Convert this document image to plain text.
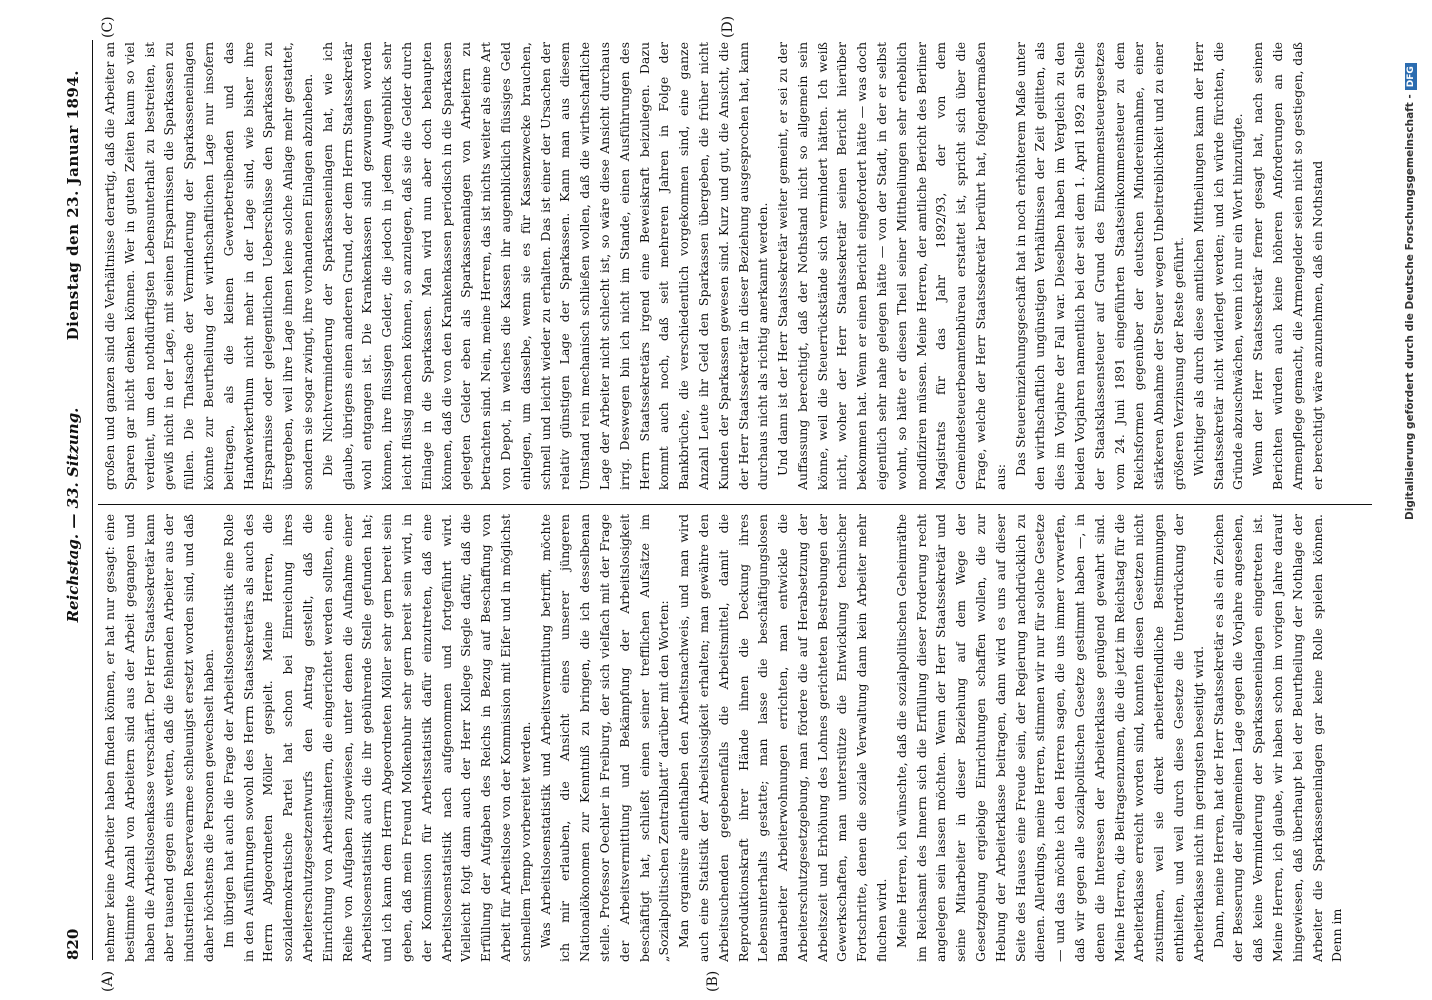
820
Reichstag. — 33. Sitzung.
Dienstag den 23. Januar 1894.
(A)	(B)
(C)	(D)

nehmer keine Arbeiter haben finden können, er hat nur gesagt: eine bestimmte Anzahl von Arbeitern sind aus der Arbeit gegangen und haben die Arbeitslosenkasse verschärft. Der Herr Staatssekretär kann aber tausend gegen eins wetten, daß die fehlenden Arbeiter aus der industriellen Reservearmee schleunigst ersetzt worden sind, und daß daher höchstens die Personen gewechselt haben. Im übrigen hat auch die Frage der Arbeitslosenstatistik eine Rolle in den Ausführungen sowohl des Herrn Staatssekretärs als auch des Herrn Abgeordneten Möller gespielt. Meine Herren, die sozialdemokratische Partei hat schon bei Einreichung ihres Arbeiterschutzgesetzentwurfs den Antrag gestellt, daß die Einrichtung von Arbeitsämtern, die eingerichtet werden sollten, eine Reihe von Aufgaben zugewiesen, unter denen die Aufnahme einer Arbeitslosenstatistik auch die ihr gebührende Stelle gefunden hat; und ich kann dem Herrn Abgeordneten Möller sehr gern bereit sein geben, daß mein Freund Molkenbuhr sehr gern bereit sein wird, in der Kommission für Arbeitsstatistik dafür einzutreten, daß eine Arbeitslosenstatistik nach aufgenommen und fortgeführt wird. Vielleicht folgt dann auch der Herr Kollege Siegle dafür, daß die Erfüllung der Aufgaben des Reichs in Bezug auf Beschaffung von Arbeit für Arbeitslose von der Kommission mit Eifer und in möglichst schnellem Tempo vorbereitet werden. Was Arbeitslosenstatistik und Arbeitsvermittlung betrifft, möchte ich mir erlauben, die Ansicht eines unserer jüngeren Nationalökonomen zur Kenntniß zu bringen, die ich desselbenan stelle. Professor Oechler in Freiburg, der sich vielfach mit der Frage der Arbeitsvermittlung und Bekämpfung der Arbeitslosigkeit beschäftigt hat, schließt einen seiner trefflichen Aufsätze im „Sozialpolitischen Zentralblatt“ darüber mit den Worten: Man organisire allenthalben den Arbeitsnachweis, und man wird auch eine Statistik der Arbeitslosigkeit erhalten; man gewähre den Arbeitsuchenden gegebenenfalls die Arbeitsmittel, damit die Reproduktionskraft ihrer Hände ihnen die Deckung ihres Lebensunterhalts gestatte; man lasse die beschäftigungslosen Bauarbeiter Arbeiterwohnungen errichten, man entwickle die Arbeiterschutzgesetzgebung, man fördere die auf Herabsetzung der Arbeitszeit und Erhöhung des Lohnes gerichteten Bestrebungen der Gewerkschaften, man unterstütze die Entwicklung technischer Fortschritte, denen die soziale Verwaltung dann kein Arbeiter mehr fluchen wird. Meine Herren, ich wünschte, daß die sozialpolitischen Geheimräthe im Reichsamt des Innern sich die Erfüllung dieser Forderung recht angelegen sein lassen möchten. Wenn der Herr Staatssekretär und seine Mitarbeiter in dieser Beziehung auf dem Wege der Gesetzgebung ergiebige Einrichtungen schaffen wollen, die zur Hebung der Arbeiterklasse beitragen, dann wird es uns auf dieser Seite des Hauses eine Freude sein, der Regierung nachdrücklich zu dienen. Allerdings, meine Herren, stimmen wir nur für solche Gesetze — und das möchte ich den Herren sagen, die uns immer vorwerfen, daß wir gegen alle sozialpolitischen Gesetze gestimmt haben —, in denen die Interessen der Arbeiterklasse genügend gewahrt sind. Meine Herren, die Beitragsenzumen, die die jetzt im Reichstag für die Arbeiterklasse erreicht worden sind, konnten diesen Gesetzen nicht zustimmen, weil sie direkt arbeiterfeindliche Bestimmungen enthielten, und weil durch diese Gesetze die Unterdrückung der Arbeiterklasse nicht im geringsten beseitigt wird. Dann, meine Herren, hat der Herr Staatssekretär es als ein Zeichen der Besserung der allgemeinen Lage gegen die Vorjahre angesehen, daß keine Verminderung der Sparkasseneinlagen eingetreten ist. Meine Herren, ich glaube, wir haben schon im vorigen Jahre darauf hingewiesen, daß überhaupt bei der Beurtheilung der Nothlage der Arbeiter die Sparkasseneinlagen gar keine Rolle spielen können. Denn im

großen und ganzen sind die Verhältnisse derartig, daß die Arbeiter an Sparen gar nicht denken können. Wer in guten Zeiten kaum so viel verdient, um den nothdürftigsten Lebensunterhalt zu bestreiten, ist gewiß nicht in der Lage, mit seinen Ersparnissen die Sparkassen zu füllen. Die Thatsache der Verminderung der Sparkasseneinlagen könnte zur Beurtheilung der wirthschaftlichen Lage nur insofern beitragen, als die kleinen Gewerbetreibenden und das Handwerkerthum nicht mehr in der Lage sind, wie bisher ihre Ersparnisse oder gelegentlichen Ueberschüsse den Sparkassen zu übergeben, weil ihre Lage ihnen keine solche Anlage mehr gestattet, sondern sie sogar zwingt, ihre vorhandenen Einlagen abzuheben. Die Nichtverminderung der Sparkasseneinlagen hat, wie ich glaube, übrigens einen anderen Grund, der dem Herrn Staatssekretär wohl entgangen ist. Die Krankenkassen sind gezwungen worden können, ihre flüssigen Gelder, die jedoch in jedem Augenblick sehr leicht flüssig machen können, so anzulegen, daß sie die Gelder durch Einlage in die Sparkassen. Man wird nun aber doch behaupten können, daß die von den Krankenkassen periodisch in die Sparkassen gelegten Gelder eben als Sparkassenanlagen von Arbeitern zu betrachten sind. Nein, meine Herren, das ist nichts weiter als eine Art von Depot, in welches die Kassen ihr augenblicklich flüssiges Geld einlegen, um dasselbe, wenn sie es für Kassenzwecke brauchen, schnell und leicht wieder zu erhalten. Das ist einer der Ursachen der relativ günstigen Lage der Sparkassen. Kann man aus diesem Umstand rein mechanisch schließen wollen, daß die wirthschaftliche Lage der Arbeiter nicht schlecht ist, so wäre diese Ansicht durchaus irrig. Deswegen bin ich nicht im Stande, einen Ausführungen des Herrn Staatssekretärs irgend eine Beweiskraft beizulegen. Dazu kommt auch noch, daß seit mehreren Jahren in Folge der Bankbrüche, die verschiedentlich vorgekommen sind, eine ganze Anzahl Leute ihr Geld den Sparkassen übergeben, die früher nicht Kunden der Sparkassen gewesen sind. Kurz und gut, die Ansicht, die der Herr Staatssekretär in dieser Beziehung ausgesprochen hat, kann durchaus nicht als richtig anerkannt werden. Und dann ist der Herr Staatssekretär weiter gemeint, er sei zu der Auffassung berechtigt, daß der Nothstand nicht so allgemein sein könne, weil die Steuerrückstände sich vermindert hätten. Ich weiß nicht, woher der Herr Staatssekretär seinen Bericht hierüber bekommen hat. Wenn er einen Bericht eingefordert hätte — was doch eigentlich sehr nahe gelegen hätte — von der Stadt, in der er selbst wohnt, so hätte er diesen Theil seiner Mittheilungen sehr erheblich modifiziren müssen. Meine Herren, der amtliche Bericht des Berliner Magistrats für das Jahr 1892/93, der von dem Gemeindesteuerbeamtenbüreau erstattet ist, spricht sich über die Frage, welche der Herr Staatssekretär berührt hat, folgendermaßen aus:

Das Steuereinziehungsgeschäft hat in noch erhöhterem Maße unter den wirthschaftlich ungünstigen Verhältnissen der Zeit gelitten, als dies im Vorjahre der Fall war. Dieselben haben im Vergleich zu den beiden Vorjahren namentlich bei der seit dem 1. April 1892 an Stelle der Staatsklassensteuer auf Grund des Einkommensteuergesetzes vom 24. Juni 1891 eingeführten Staatseinkommensteuer zu dem Reichsformen gegenüber der deutschen Mindereinnahme, einer stärkeren Abnahme der Steuer wegen Unbeitreiblichkeit und zu einer größeren Verzinsung der Reste geführt. Wichtiger als durch diese amtlichen Mittheilungen kann der Herr Staatssekretär nicht widerlegt werden; und ich würde fürchten, die Gründe abzuschwächen, wenn ich nur ein Wort hinzufügte. Wenn der Herr Staatssekretär ferner gesagt hat, nach seinen Berichten würden auch keine höheren Anforderungen an die Armenpflege gemacht, die Armengelder seien nicht so gestiegen, daß er berechtigt wäre anzunehmen, daß ein Nothstand	Digitalisierung gefördert durch die Deutsche Forschungsgemeinschaft -DFG
